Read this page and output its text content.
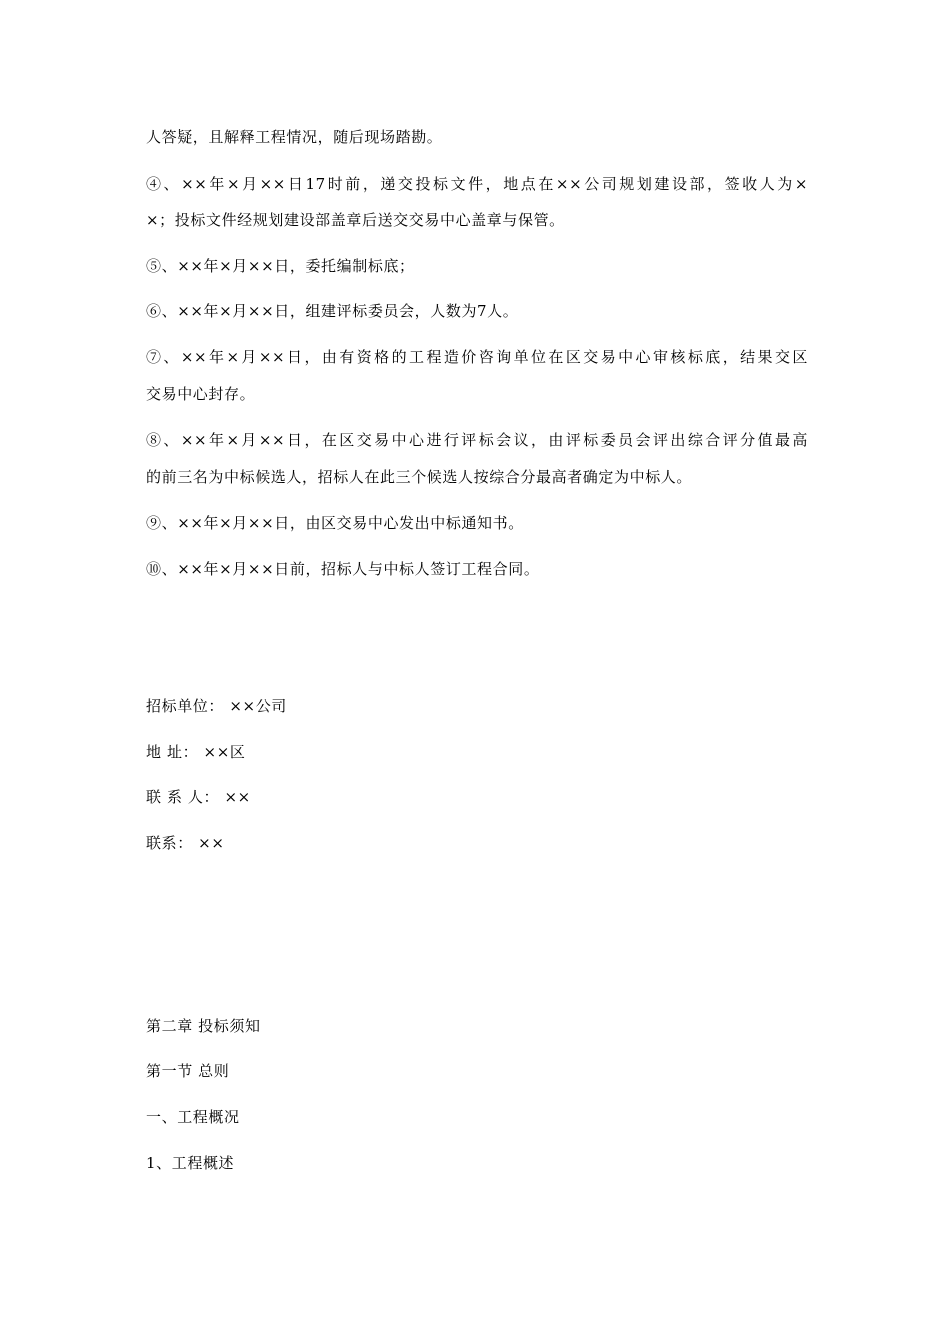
人答疑，且解释工程情况，随后现场踏勘。
④、××年×月××日17时前，递交投标文件，地点在××公司规划建设部，签收人为×
×；投标文件经规划建设部盖章后送交交易中心盖章与保管。
⑤、××年×月××日，委托编制标底；
⑥、××年×月××日，组建评标委员会，人数为7人。
⑦、××年×月××日，由有资格的工程造价咨询单位在区交易中心审核标底，结果交区
交易中心封存。
⑧、××年×月××日，在区交易中心进行评标会议，由评标委员会评出综合评分值最高
的前三名为中标候选人，招标人在此三个候选人按综合分最高者确定为中标人。
⑨、××年×月××日，由区交易中心发出中标通知书。
⑩、××年×月××日前，招标人与中标人签订工程合同。
招标单位： ××公司
地 址： ××区
联 系 人： ××
联系： ××
第二章 投标须知
第一节 总则
一、工程概况
1、工程概述
